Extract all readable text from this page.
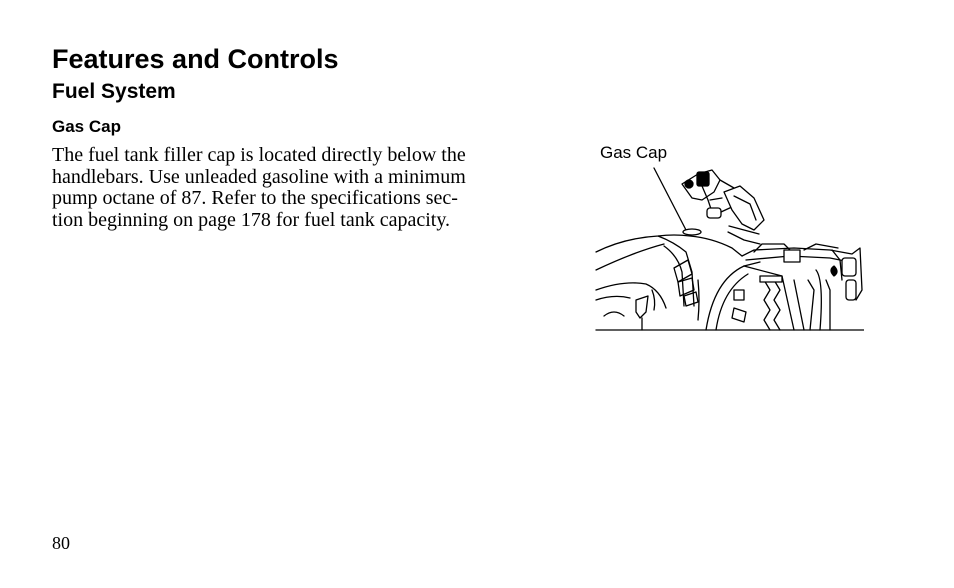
Features and Controls
Fuel System
Gas Cap

The fuel tank filler cap is located directly below the
handlebars. Use unleaded gasoline with a minimum
pump octane of 87. Refer to the specifications sec-
tion beginning on page 178 for fuel tank capacity.

Gas Cap
80
